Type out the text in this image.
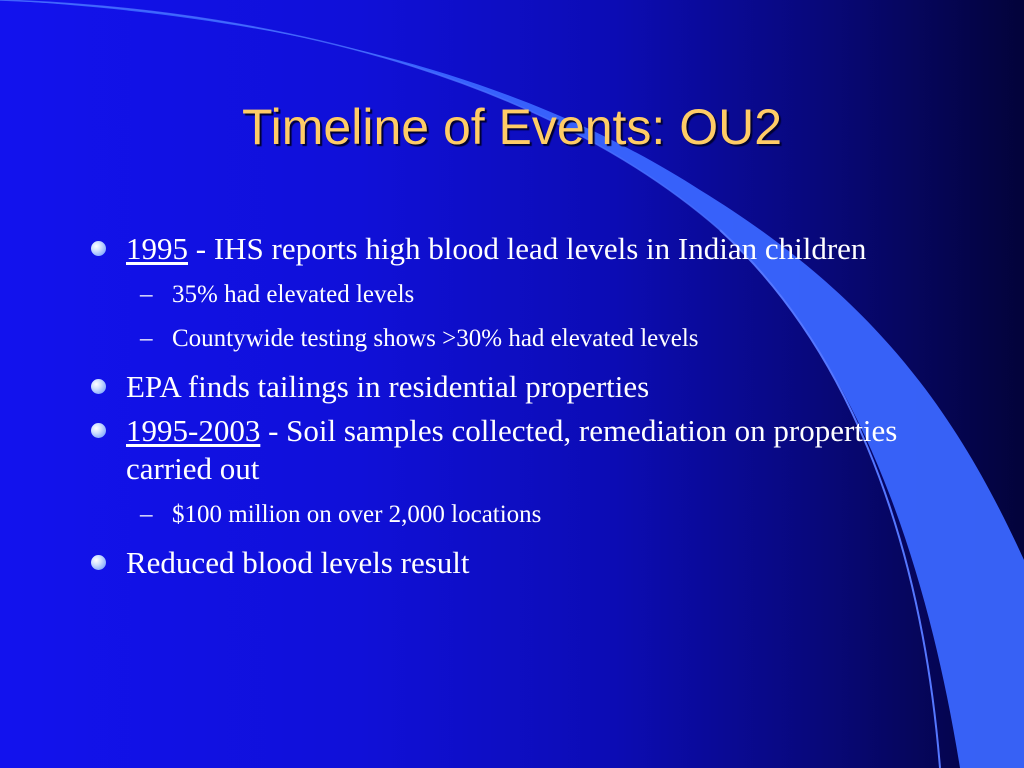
Timeline of Events: OU2
1995 - IHS reports high blood lead levels in Indian children
– 35% had elevated levels
– Countywide testing shows >30% had elevated levels
EPA finds tailings in residential properties
1995-2003 - Soil samples collected, remediation on properties carried out
– $100 million on over 2,000 locations
Reduced blood levels result
